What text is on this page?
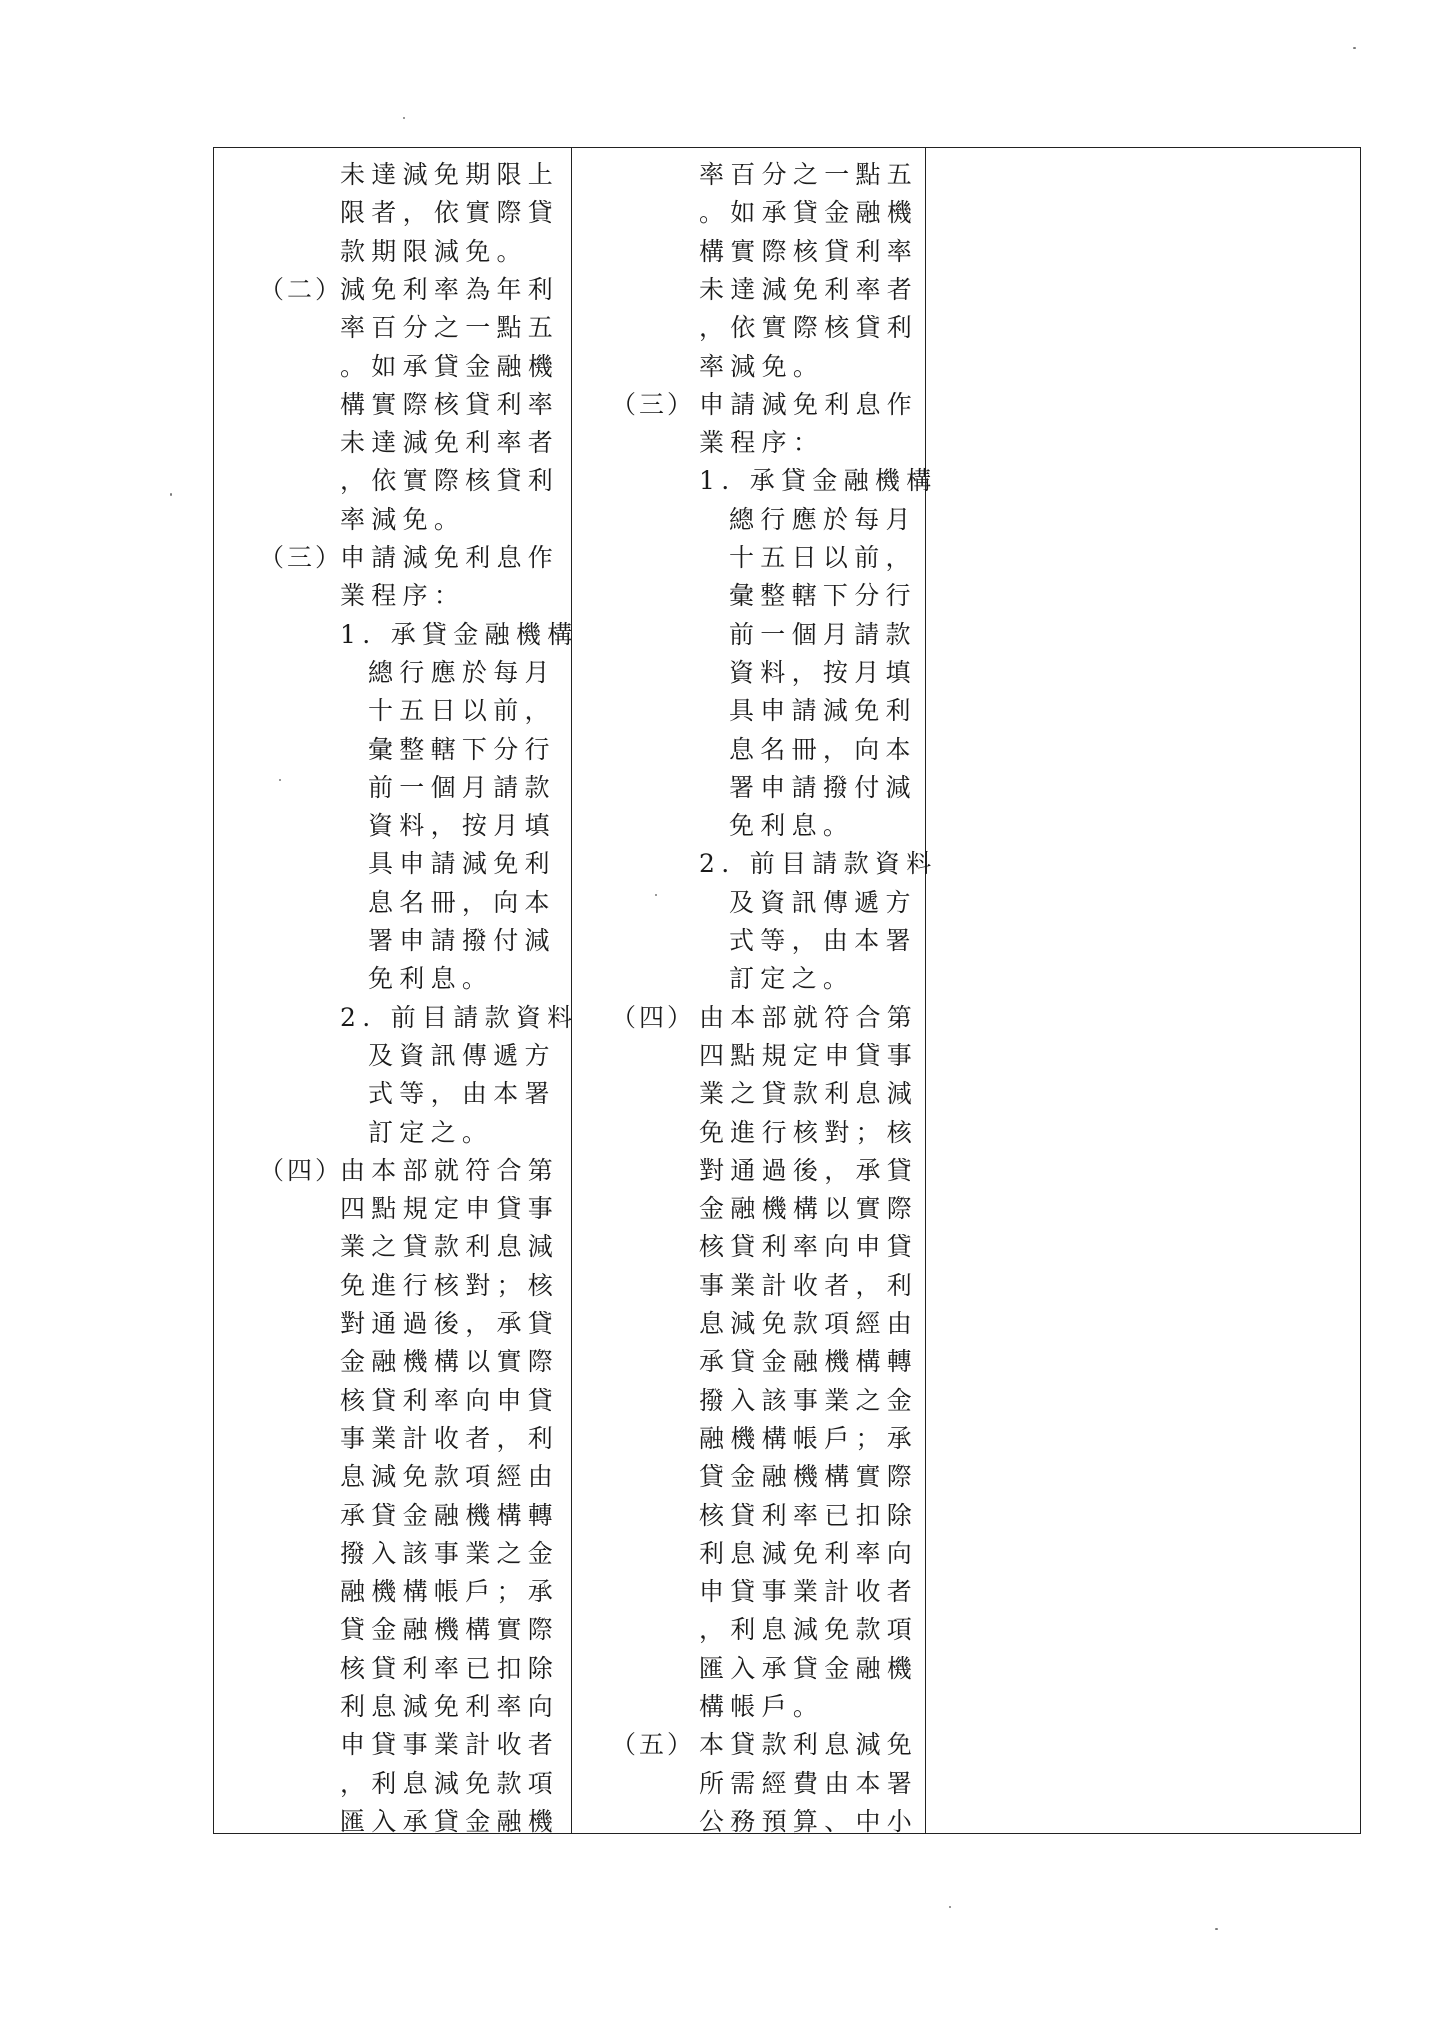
未達減免期限上
限者，依實際貸
款期限減免。
（二）
減免利率為年利
率百分之一點五
。如承貸金融機
構實際核貸利率
未達減免利率者
，依實際核貸利
率減免。
（三）
申請減免利息作
業程序：
1. 承貸金融機構
總行應於每月
十五日以前，
彙整轄下分行
前一個月請款
資料，按月填
具申請減免利
息名冊，向本
署申請撥付減
免利息。
2. 前目請款資料
及資訊傳遞方
式等，由本署
訂定之。
（四）
由本部就符合第
四點規定申貸事
業之貸款利息減
免進行核對；核
對通過後，承貸
金融機構以實際
核貸利率向申貸
事業計收者，利
息減免款項經由
承貸金融機構轉
撥入該事業之金
融機構帳戶；承
貸金融機構實際
核貸利率已扣除
利息減免利率向
申貸事業計收者
，利息減免款項
匯入承貸金融機
率百分之一點五
。如承貸金融機
構實際核貸利率
未達減免利率者
，依實際核貸利
率減免。
（三） 申請減免利息作
業程序：
1. 承貸金融機構
總行應於每月
十五日以前，
彙整轄下分行
前一個月請款
資料，按月填
具申請減免利
息名冊，向本
署申請撥付減
免利息。
2. 前目請款資料
及資訊傳遞方
式等，由本署
訂定之。
（四） 由本部就符合第
四點規定申貸事
業之貸款利息減
免進行核對；核
對通過後，承貸
金融機構以實際
核貸利率向申貸
事業計收者，利
息減免款項經由
承貸金融機構轉
撥入該事業之金
融機構帳戶；承
貸金融機構實際
核貸利率已扣除
利息減免利率向
申貸事業計收者
，利息減免款項
匯入承貸金融機
構帳戶。
（五） 本貸款利息減免
所需經費由本署
公務預算、中小
